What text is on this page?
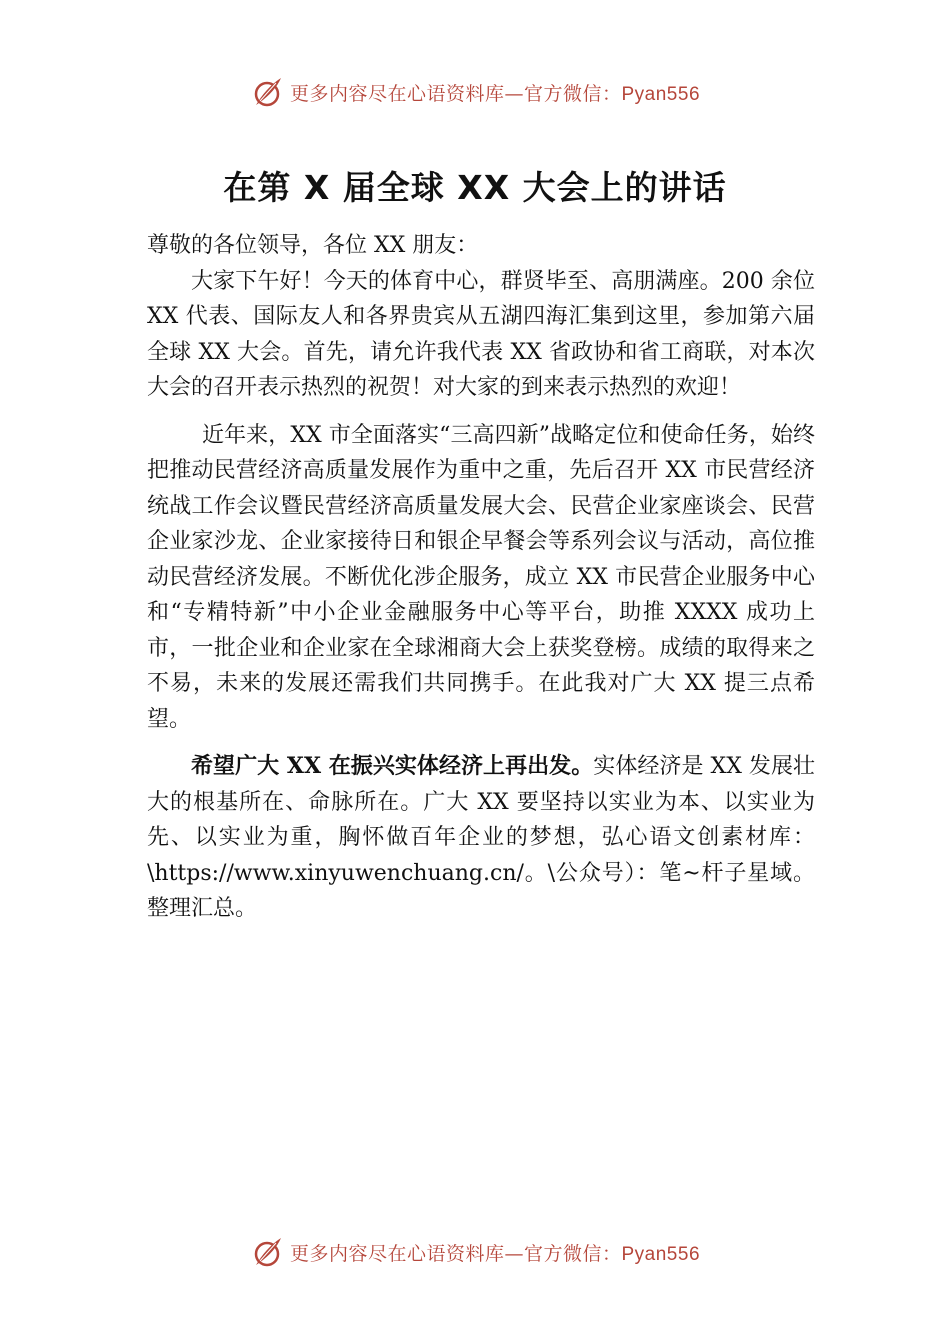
更多内容尽在心语资料库—官方微信：Pyan556
在第 X 届全球 XX 大会上的讲话

尊敬的各位领导，各位 XX 朋友：

大家下午好！今天的体育中心，群贤毕至、高朋满座。200 余位 XX 代表、国际友人和各界贵宾从五湖四海汇集到这里，参加第六届全球 XX 大会。首先，请允许我代表 XX 省政协和省工商联，对本次大会的召开表示热烈的祝贺！对大家的到来表示热烈的欢迎！

近年来，XX 市全面落实“三高四新”战略定位和使命任务，始终把推动民营经济高质量发展作为重中之重，先后召开 XX 市民营经济统战工作会议暨民营经济高质量发展大会、民营企业家座谈会、民营企业家沙龙、企业家接待日和银企早餐会等系列会议与活动，高位推动民营经济发展。不断优化涉企服务，成立 XX 市民营企业服务中心和“专精特新”中小企业金融服务中心等平台，助推 XXXX 成功上市，一批企业和企业家在全球湘商大会上获奖登榜。成绩的取得来之不易，未来的发展还需我们共同携手。在此我对广大 XX 提三点希望。

希望广大 XX 在振兴实体经济上再出发。实体经济是 XX 发展壮大的根基所在、命脉所在。广大 XX 要坚持以实业为本、以实业为先、以实业为重，胸怀做百年企业的梦想，弘心语文创素材库：\https://www.xinyuwenchuang.cn/。\公众号）：笔~杆子星域。整理汇总。

更多内容尽在心语资料库—官方微信：Pyan556
